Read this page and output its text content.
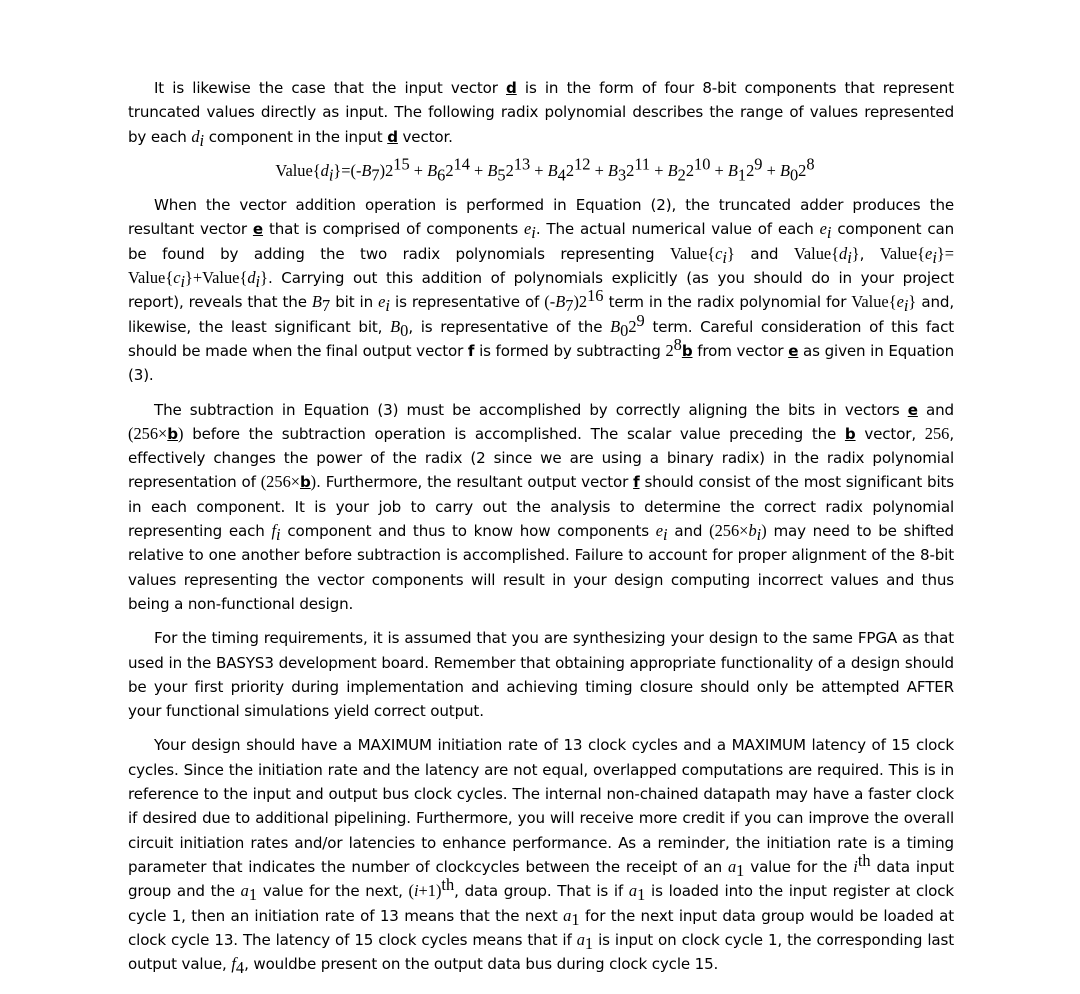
It is likewise the case that the input vector d is in the form of four 8-bit components that represent truncated values directly as input. The following radix polynomial describes the range of values represented by each $d_i$ component in the input d vector.

$Value\{d_i\}=(-B_7)2^{15} + B_62^{14} + B_52^{13} + B_42^{12} + B_32^{11} + B_22^{10} + B_12^9 + B_02^8$

When the vector addition operation is performed in Equation (2), the truncated adder produces the resultant vector e that is comprised of components $e_i$. The actual numerical value of each $e_i$ component can be found by adding the two radix polynomials representing $Value\{c_i\}$ and $Value\{d_i\}$, $Value\{e_i\}=$ $Value\{c_i\}+Value\{d_i\}$. Carrying out this addition of polynomials explicitly (as you should do in your project report), reveals that the $B_7$ bit in $e_i$ is representative of $(-B_7)2^{16}$ term in the radix polynomial for $Value\{e_i\}$ and, likewise, the least significant bit, $B_0$, is representative of the $B_02^9$ term. Careful consideration of this fact should be made when the final output vector f is formed by subtracting $2^8b$ from vector e as given in Equation (3).

The subtraction in Equation (3) must be accomplished by correctly aligning the bits in vectors e and (256×b) before the subtraction operation is accomplished. The scalar value preceding the b vector, 256, effectively changes the power of the radix (2 since we are using a binary radix) in the radix polynomial representation of (256×b). Furthermore, the resultant output vector f should consist of the most significant bits in each component. It is your job to carry out the analysis to determine the correct radix polynomial representing each $f_i$ component and thus to know how components $e_i$ and $(256\times b_i)$ may need to be shifted relative to one another before subtraction is accomplished. Failure to account for proper alignment of the 8-bit values representing the vector components will result in your design computing incorrect values and thus being a non-functional design.

For the timing requirements, it is assumed that you are synthesizing your design to the same FPGA as that used in the BASYS3 development board. Remember that obtaining appropriate functionality of a design should be your first priority during implementation and achieving timing closure should only be attempted AFTER your functional simulations yield correct output.

Your design should have a MAXIMUM initiation rate of 13 clock cycles and a MAXIMUM latency of 15 clock cycles. Since the initiation rate and the latency are not equal, overlapped computations are required. This is in reference to the input and output bus clock cycles. The internal non-chained datapath may have a faster clock if desired due to additional pipelining. Furthermore, you will receive more credit if you can improve the overall circuit initiation rates and/or latencies to enhance performance. As a reminder, the initiation rate is a timing parameter that indicates the number of clockcycles between the receipt of an $a_1$ value for the $i^{th}$ data input group and the $a_1$ value for the next, $(i+1)^{th}$, data group. That is if $a_1$ is loaded into the input register at clock cycle 1, then an initiation rate of 13 means that the next $a_1$ for the next input data group would be loaded at clock cycle 13. The latency of 15 clock cycles means that if $a_1$ is input on clock cycle 1, the corresponding last output value, $f_4$, wouldbe present on the output data bus during clock cycle 15.
